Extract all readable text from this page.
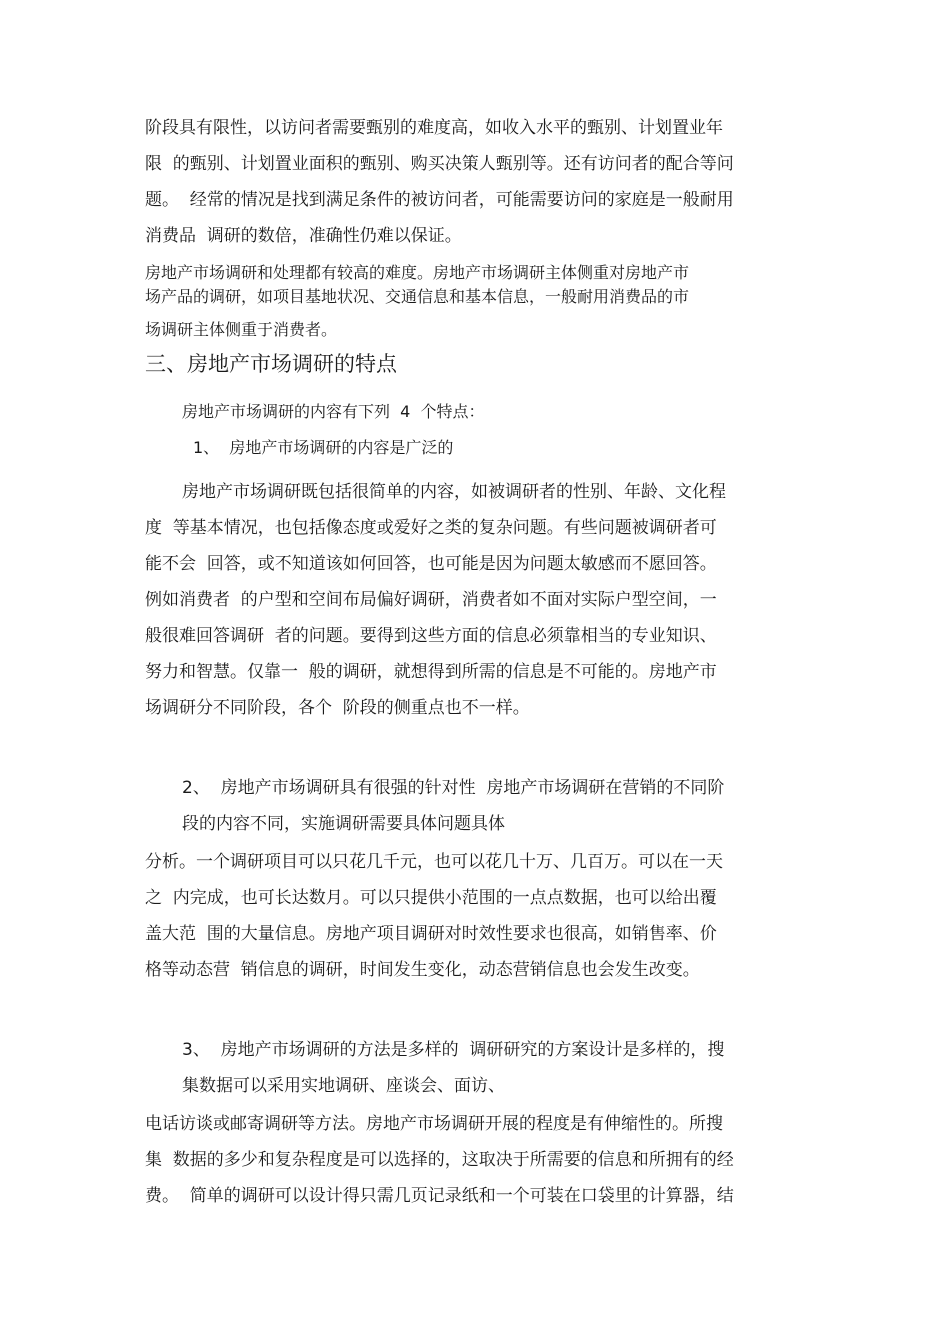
阶段具有限性，以访问者需要甄别的难度高，如收入水平的甄别、计划置业年
限  的甄别、计划置业面积的甄别、购买决策人甄别等。还有访问者的配合等问
题。  经常的情况是找到满足条件的被访问者，可能需要访问的家庭是一般耐用
消费品  调研的数倍，准确性仍难以保证。
房地产市场调研和处理都有较高的难度。房地产市场调研主体侧重对房地产市
场产品的调研，如项目基地状况、交通信息和基本信息，一般耐用消费品的市
场调研主体侧重于消费者。
三、房地产市场调研的特点
房地产市场调研的内容有下列  4  个特点：
1、  房地产市场调研的内容是广泛的
房地产市场调研既包括很简单的内容，如被调研者的性别、年龄、文化程
度  等基本情况，也包括像态度或爱好之类的复杂问题。有些问题被调研者可
能不会  回答，或不知道该如何回答，也可能是因为问题太敏感而不愿回答。
例如消费者  的户型和空间布局偏好调研，消费者如不面对实际户型空间，一
般很难回答调研  者的问题。要得到这些方面的信息必须靠相当的专业知识、
努力和智慧。仅靠一  般的调研，就想得到所需的信息是不可能的。房地产市
场调研分不同阶段，各个  阶段的侧重点也不一样。
2、  房地产市场调研具有很强的针对性  房地产市场调研在营销的不同阶
段的内容不同，实施调研需要具体问题具体
分析。一个调研项目可以只花几千元，也可以花几十万、几百万。可以在一天
之  内完成，也可长达数月。可以只提供小范围的一点点数据，也可以给出覆
盖大范  围的大量信息。房地产项目调研对时效性要求也很高，如销售率、价
格等动态营  销信息的调研，时间发生变化，动态营销信息也会发生改变。
3、  房地产市场调研的方法是多样的  调研研究的方案设计是多样的，搜
集数据可以采用实地调研、座谈会、面访、
电话访谈或邮寄调研等方法。房地产市场调研开展的程度是有伸缩性的。所搜
集  数据的多少和复杂程度是可以选择的，这取决于所需要的信息和所拥有的经
费。  简单的调研可以设计得只需几页记录纸和一个可装在口袋里的计算器，结
